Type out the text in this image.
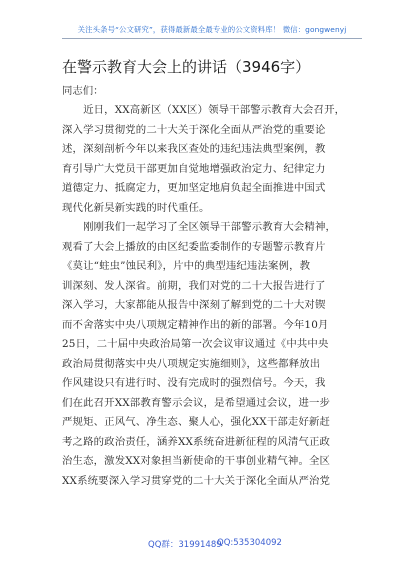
关注头条号“公文研究”，获得最新最全最专业的公文资料库！ 微信：gongwenyj
在警示教育大会上的讲话（3946字）
同志们：
　　近日，XX高新区（XX区）领导干部警示教育大会召开，
深入学习贯彻党的二十大关于深化全面从严治党的重要论
述，深刻剖析今年以来我区查处的违纪违法典型案例，教
育引导广大党员干部更加自觉地增强政治定力、纪律定力
道德定力、抵腐定力，更加坚定地肩负起全面推进中国式
现代化新昊新实践的时代重任。
　　刚刚我们一起学习了全区领导干部警示教育大会精神，
观看了大会上播放的由区纪委监委制作的专题警示教育片
《莫让“蛀虫”蚀民利》，片中的典型违纪违法案例，教
训深刻、发人深省。前期，我们对党的二十大报告进行了
深入学习，大家都能从报告中深刻了解到党的二十大对锲
而不舍落实中央八项规定精神作出的新的部署。今年10月
25日，二十届中央政治局第一次会议审议通过《中共中央
政治局贯彻落实中央八项规定实施细则》，这些都释放出
作风建设只有进行时、没有完成时的强烈信号。今天，我
们在此召开XX部教育警示会议，是希望通过会议，进一步
严规矩、正风气、净生态、聚人心，强化XX干部走好新赶
考之路的政治责任，涵养XX系统奋进新征程的风清气正政
治生态，激发XX对象担当新使命的干事创业精气神。全区
XX系统要深入学习贯穿党的二十大关于深化全面从严治党
QQ群：31991489
QQ:535304092
